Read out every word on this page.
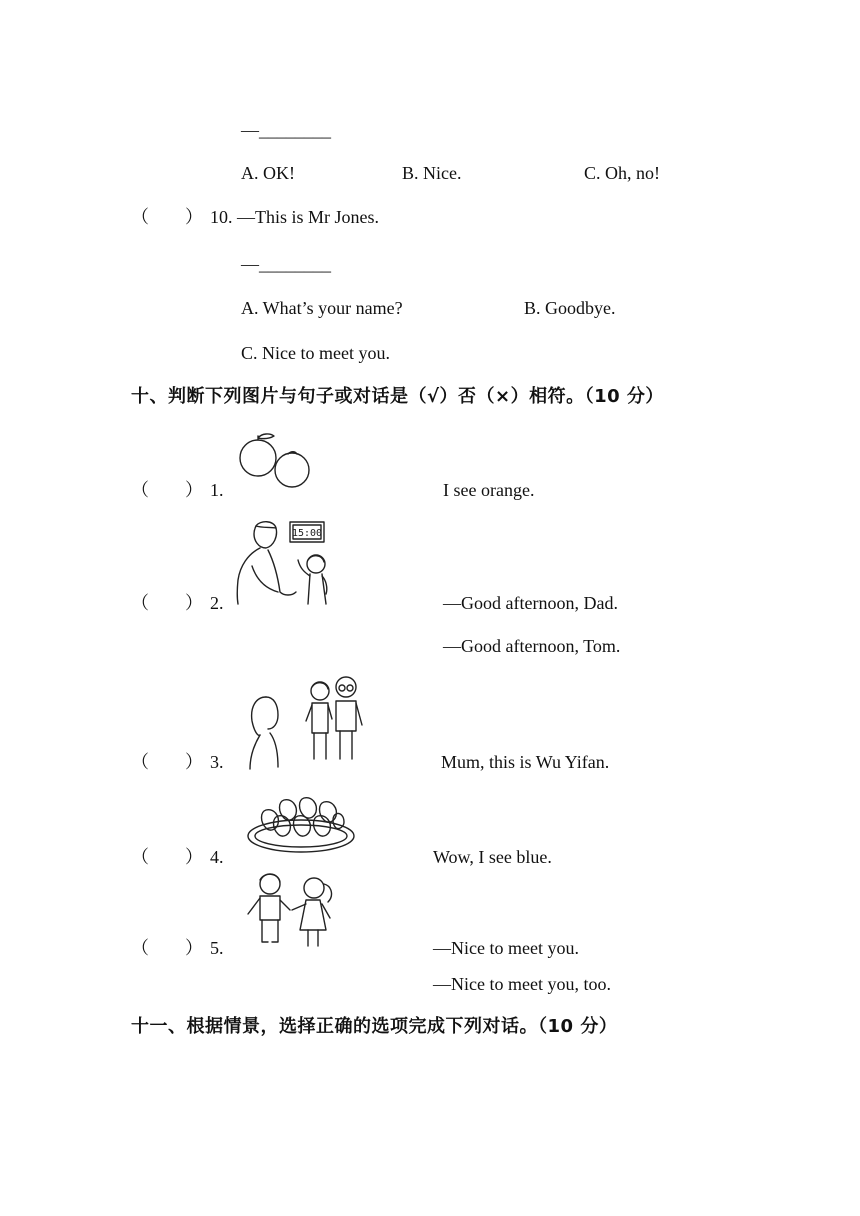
—________
A. OK!	B. Nice.	C. Oh, no!
（　　） 10. —This is Mr Jones.
—________
A. What’s your name?	B. Goodbye.
C. Nice to meet you.
十、判断下列图片与句子或对话是（√）否（×）相符。（10 分）
（　　） 1.	I see orange.
（　　） 2.	—Good afternoon, Dad.
—Good afternoon, Tom.
15:00
（　　） 3.	Mum, this is Wu Yifan.
（　　） 4.	Wow, I see blue.
（　　） 5.	—Nice to meet you.
—Nice to meet you, too.
十一、根据情景，选择正确的选项完成下列对话。（10 分）
